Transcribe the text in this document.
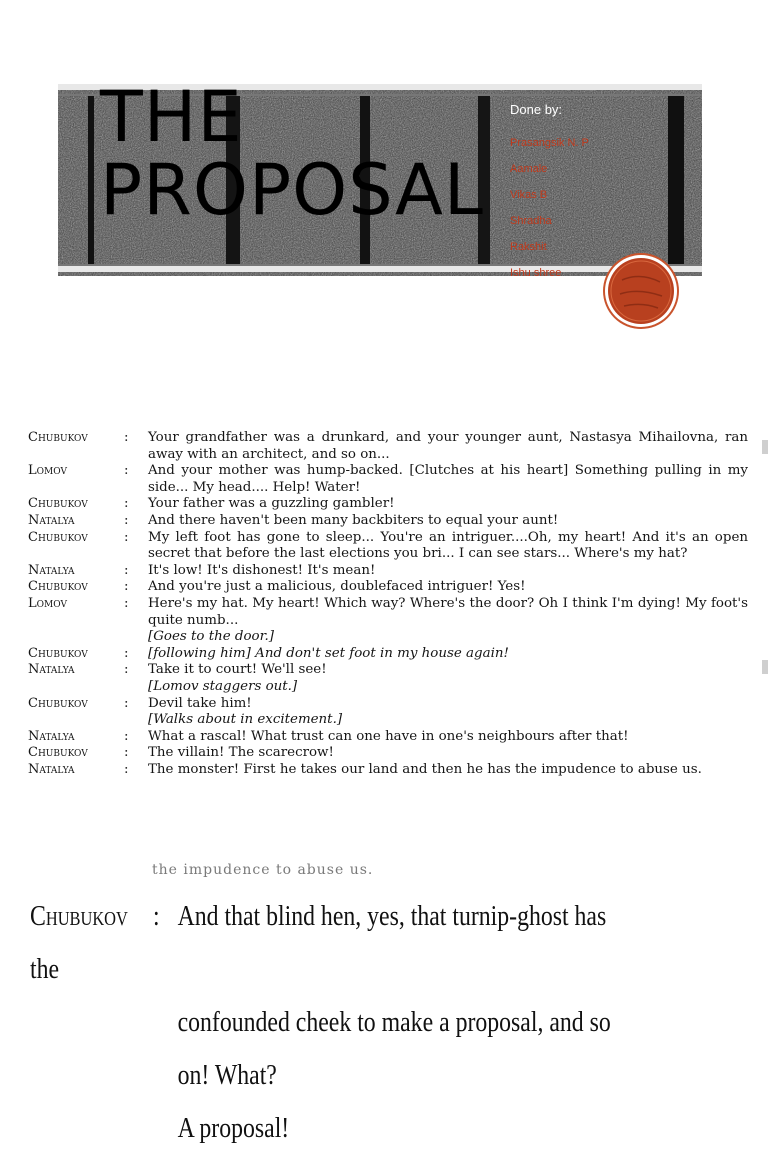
THE
PROPOSAL
Done by:
Prasangsik N. P
Aamale
Vikas B
Shradha
Rakshit
Ishu shree
Chubukov	:	Your grandfather was a drunkard, and your younger aunt, Nastasya Mihailovna, ran away with an architect, and so on...
Lomov	:	And your mother was hump-backed. [Clutches at his heart] Something pulling in my side... My head.... Help! Water!
Chubukov	:	Your father was a guzzling gambler!
Natalya	:	And there haven't been many backbiters to equal your aunt!
Chubukov	:	My left foot has gone to sleep... You're an intriguer....Oh, my heart! And it's an open secret that before the last elections you bri... I can see stars... Where's my hat?
Natalya	:	It's low! It's dishonest! It's mean!
Chubukov	:	And you're just a malicious, doublefaced intriguer! Yes!
Lomov	:	Here's my hat. My heart! Which way? Where's the door? Oh I think I'm dying! My foot's quite numb...
[Goes to the door.]
Chubukov	:	[following him] And don't set foot in my house again!
Natalya	:	Take it to court! We'll see!
[Lomov staggers out.]
Chubukov	:	Devil take him!
[Walks about in excitement.]
Natalya	:	What a rascal! What trust can one have in one's neighbours after that!
Chubukov	:	The villain! The scarecrow!
Natalya	:	The monster! First he takes our land and then he has the impudence to abuse us.
the impudence to abuse us.
Chubukov : And that blind hen, yes, that turnip-ghost has the
confounded cheek to make a proposal, and so on! What?
A proposal!
